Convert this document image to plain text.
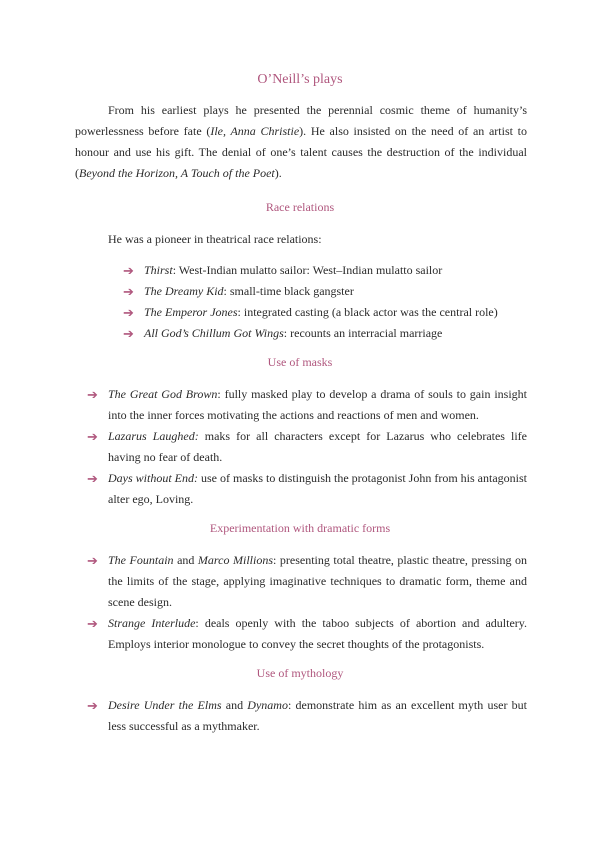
O’Neill’s plays

From his earliest plays he presented the perennial cosmic theme of humanity’s powerlessness before fate (Ile, Anna Christie). He also insisted on the need of an artist to honour and use his gift. The denial of one’s talent causes the destruction of the individual (Beyond the Horizon, A Touch of the Poet).

Race relations

He was a pioneer in theatrical race relations:

➔ Thirst: West-Indian mulatto sailor: West–Indian mulatto sailor

➔ The Dreamy Kid: small-time black gangster

➔ The Emperor Jones: integrated casting (a black actor was the central role)

➔ All God’s Chillum Got Wings: recounts an interracial marriage

Use of masks

➔ The Great God Brown: fully masked play to develop a drama of souls to gain insight into the inner forces motivating the actions and reactions of men and women.

➔ Lazarus Laughed: maks for all characters except for Lazarus who celebrates life having no fear of death.

➔ Days without End: use of masks to distinguish the protagonist John from his antagonist alter ego, Loving.

Experimentation with dramatic forms

➔ The Fountain and Marco Millions: presenting total theatre, plastic theatre, pressing on the limits of the stage, applying imaginative techniques to dramatic form, theme and scene design.

➔ Strange Interlude: deals openly with the taboo subjects of abortion and adultery. Employs interior monologue to convey the secret thoughts of the protagonists.

Use of mythology

➔ Desire Under the Elms and Dynamo: demonstrate him as an excellent myth user but less successful as a mythmaker.
